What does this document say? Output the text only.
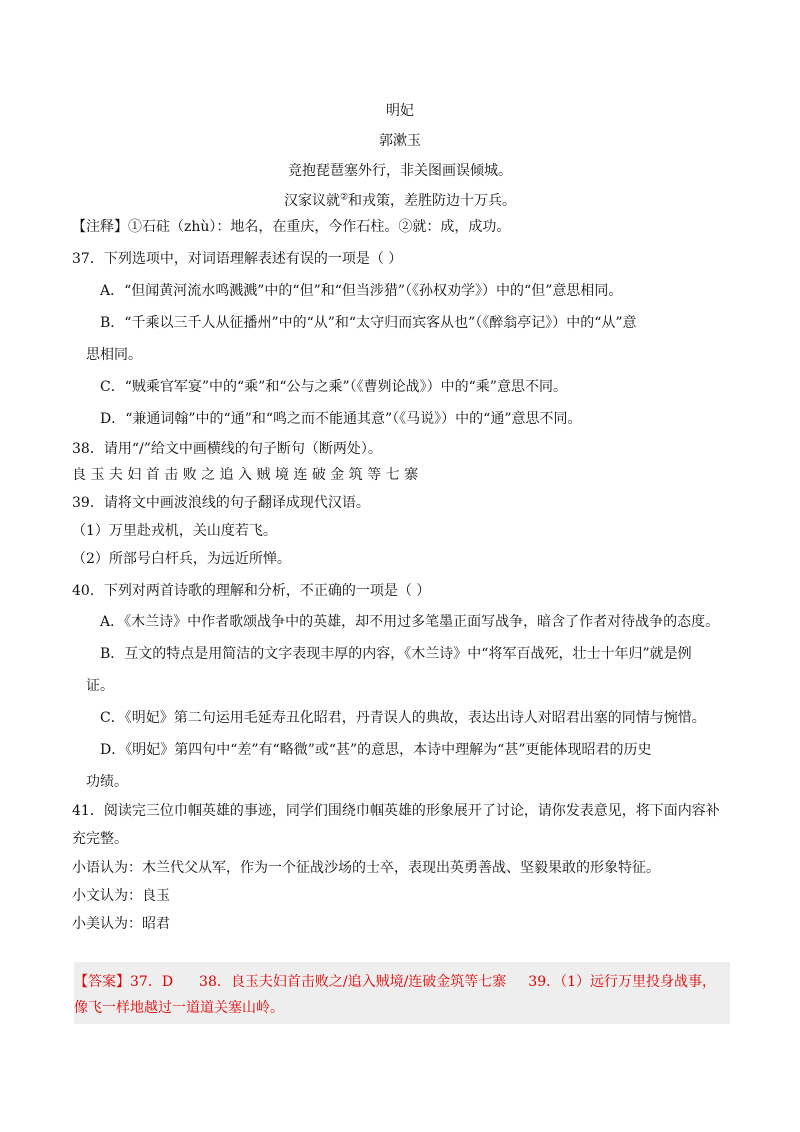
明妃
郭漱玉
竞抱琵琶塞外行，非关图画误倾城。
汉家议就②和戎策，差胜防边十万兵。
【注释】①石砫（zhù）：地名，在重庆，今作石柱。②就：成，成功。
37．下列选项中，对词语理解表述有误的一项是（ ）
A．“但闻黄河流水鸣溅溅”中的“但”和“但当涉猎”（《孙权劝学》）中的“但”意思相同。
B．“千乘以三千人从征播州”中的“从”和“太守归而宾客从也”（《醉翁亭记》）中的“从”意
思相同。
C．“贼乘官军宴”中的“乘”和“公与之乘”（《曹刿论战》）中的“乘”意思不同。
D．“兼通词翰”中的“通”和“鸣之而不能通其意”（《马说》）中的“通”意思不同。
38．请用“/”给文中画横线的句子断句（断两处）。
良 玉 夫 妇 首 击 败 之 追 入 贼 境 连 破 金 筑 等 七 寨
39．请将文中画波浪线的句子翻译成现代汉语。
（1）万里赴戎机，关山度若飞。
（2）所部号白杆兵，为远近所惮。
40．下列对两首诗歌的理解和分析，不正确的一项是（ ）
A．《木兰诗》中作者歌颂战争中的英雄，却不用过多笔墨正面写战争，暗含了作者对待战争的态度。
B．互文的特点是用简洁的文字表现丰厚的内容，《木兰诗》中“将军百战死，壮士十年归”就是例
证。
C．《明妃》第二句运用毛延寿丑化昭君，丹青误人的典故，表达出诗人对昭君出塞的同情与惋惜。
D．《明妃》第四句中“差”有“略微”或“甚”的意思，本诗中理解为“甚”更能体现昭君的历史
功绩。
41．阅读完三位巾帼英雄的事迹，同学们围绕巾帼英雄的形象展开了讨论，请你发表意见，将下面内容补
充完整。
小语认为：木兰代父从军，作为一个征战沙场的士卒，表现出英勇善战、坚毅果敢的形象特征。
小文认为：良玉
小美认为：昭君
【答案】37．D 38．良玉夫妇首击败之/追入贼境/连破金筑等七寨 39．（1）远行万里投身战事，
像飞一样地越过一道道关塞山岭。
